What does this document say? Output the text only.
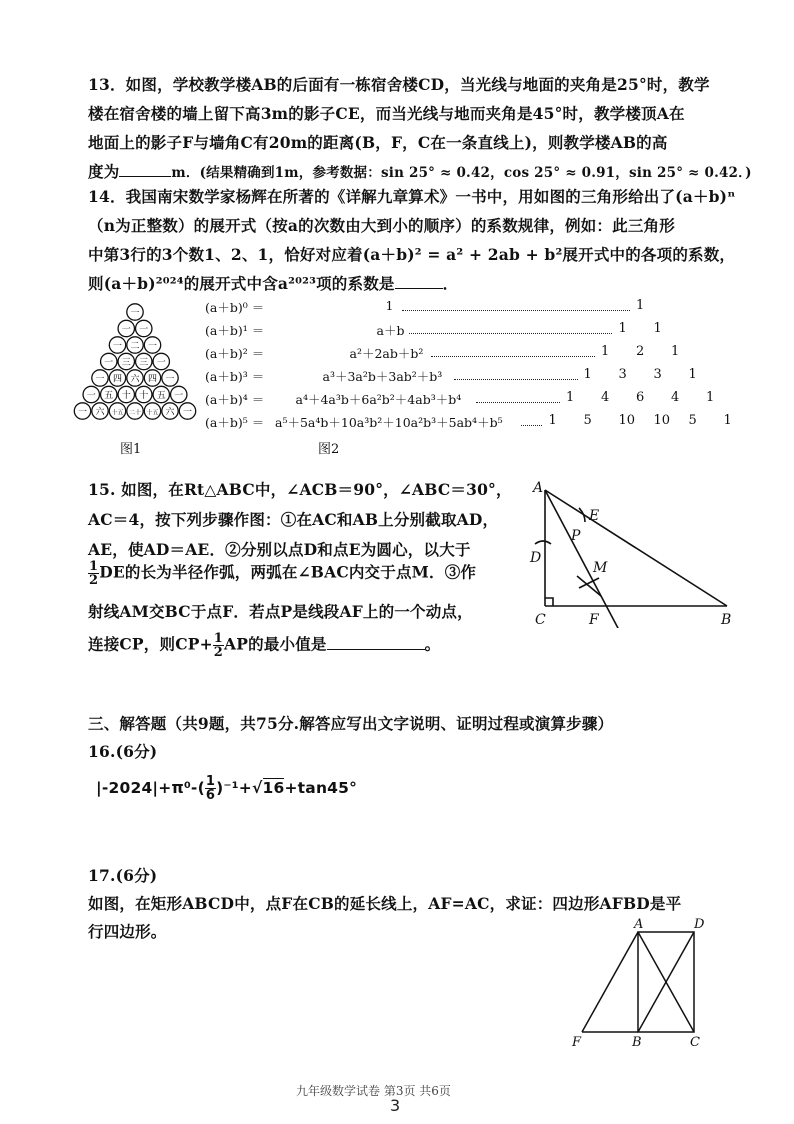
13．如图，学校教学楼AB的后面有一栋宿舍楼CD，当光线与地面的夹角是25°时，教学
楼在宿舍楼的墙上留下高3m的影子CE，而当光线与地而夹角是45°时，教学楼顶A在
地面上的影子F与墙角C有20m的距离(B，F，C在一条直线上)，则教学楼AB的高
度为	m．(结果精确到1m，参考数据：sin 25° ≈ 0.42，cos 25° ≈ 0.91，sin 25° ≈ 0.42．)
14．我国南宋数学家杨辉在所著的《详解九章算术》一书中，用如图的三角形给出了(a＋b)ⁿ
（n为正整数）的展开式（按a的次数由大到小的顺序）的系数规律，例如：此三角形
中第3行的3个数1、2、1，恰好对应着(a＋b)² = a² + 2ab + b²展开式中的各项的系数，
则(a＋b)²⁰²⁴的展开式中含a²⁰²³项的系数是	．
一
一 一
一 二 一
一 三 三 一
一 四 六 四 一
一 五 十 十 五 一
一 六 十五 二十 十五 六 一
图1
(a＋b)⁰ ＝	1	1
(a＋b)¹ ＝	a＋b	1 1
(a＋b)² ＝	a²＋2ab＋b²	1 2 1
(a＋b)³ ＝	a³＋3a²b＋3ab²＋b³	1 3 3 1
(a＋b)⁴ ＝	a⁴＋4a³b＋6a²b²＋4ab³＋b⁴	1 4 6 4 1
(a＋b)⁵ ＝ a⁵＋5a⁴b＋10a³b²＋10a²b³＋5ab⁴＋b⁵	1 5 10 10 5 1
图2
15. 如图，在Rt△ABC中，∠ACB＝90°，∠ABC＝30°，
AC＝4，按下列步骤作图：①在AC和AB上分别截取AD，
AE，使AD＝AE．②分别以点D和点E为圆心，以大于
$\frac{1}{2}$ DE的长为半径作弧，两弧在∠BAC内交于点M．③作
射线AM交BC于点F．若点P是线段AF上的一个动点，
连接CP，则$CP+ \frac{1}{2}$ AP的最小值是	。
A
E
P
D
M
C	F	B
三、解答题（共9题，共75分.解答应写出文字说明、证明过程或演算步骤）
16.(6分)
$|-2024|+\pi^0-( \frac{1}{6} )^{-1}+√16+\tan 45^\circ$
17.(6分)
如图，在矩形ABCD中，点F在CB的延长线上，AF=AC，求证：四边形AFBD是平
行四边形。	A	D
F	B	C
九年级数学试卷 第3页 共6页
3
